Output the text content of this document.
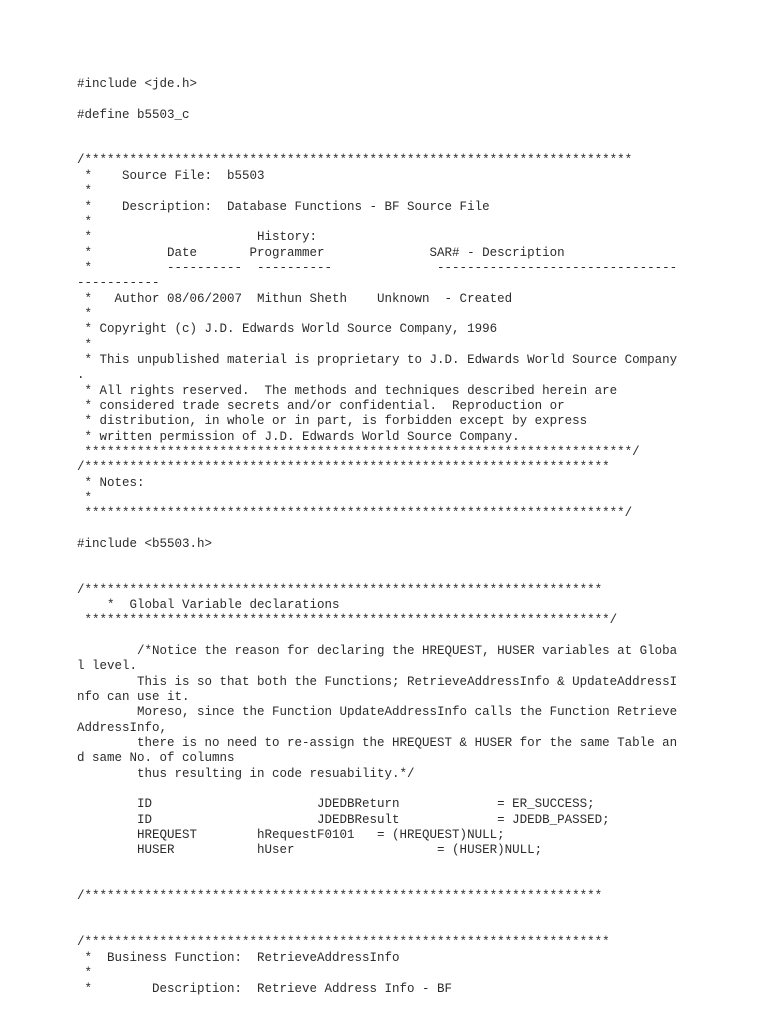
#include <jde.h>
#define b5503_c
/*************************************************************************
*    Source File:  b5503
*
*    Description:  Database Functions - BF Source File
*
*                      History:
*          Date       Programmer              SAR# - Description
*          ----------  ----------              --------------------------------
-----------
*   Author 08/06/2007  Mithun Sheth    Unknown  - Created
*
* Copyright (c) J.D. Edwards World Source Company, 1996
*
* This unpublished material is proprietary to J.D. Edwards World Source Company
.
* All rights reserved.  The methods and techniques described herein are
* considered trade secrets and/or confidential.  Reproduction or
* distribution, in whole or in part, is forbidden except by express
* written permission of J.D. Edwards World Source Company.
*************************************************************************/
/**********************************************************************
* Notes:
*
************************************************************************/
#include <b5503.h>
/*********************************************************************
*  Global Variable declarations
**********************************************************************/
/*Notice the reason for declaring the HREQUEST, HUSER variables at Globa
l level.
This is so that both the Functions; RetrieveAddressInfo & UpdateAddressI
nfo can use it.
Moreso, since the Function UpdateAddressInfo calls the Function Retrieve
AddressInfo,
there is no need to re-assign the HREQUEST & HUSER for the same Table an
d same No. of columns
thus resulting in code resuability.*/
ID                      JDEDBReturn             = ER_SUCCESS;
ID                      JDEDBResult             = JDEDB_PASSED;
HREQUEST        hRequestF0101   = (HREQUEST)NULL;
HUSER           hUser                   = (HUSER)NULL;
/*********************************************************************
/**********************************************************************
*  Business Function:  RetrieveAddressInfo
*
*        Description:  Retrieve Address Info - BF
